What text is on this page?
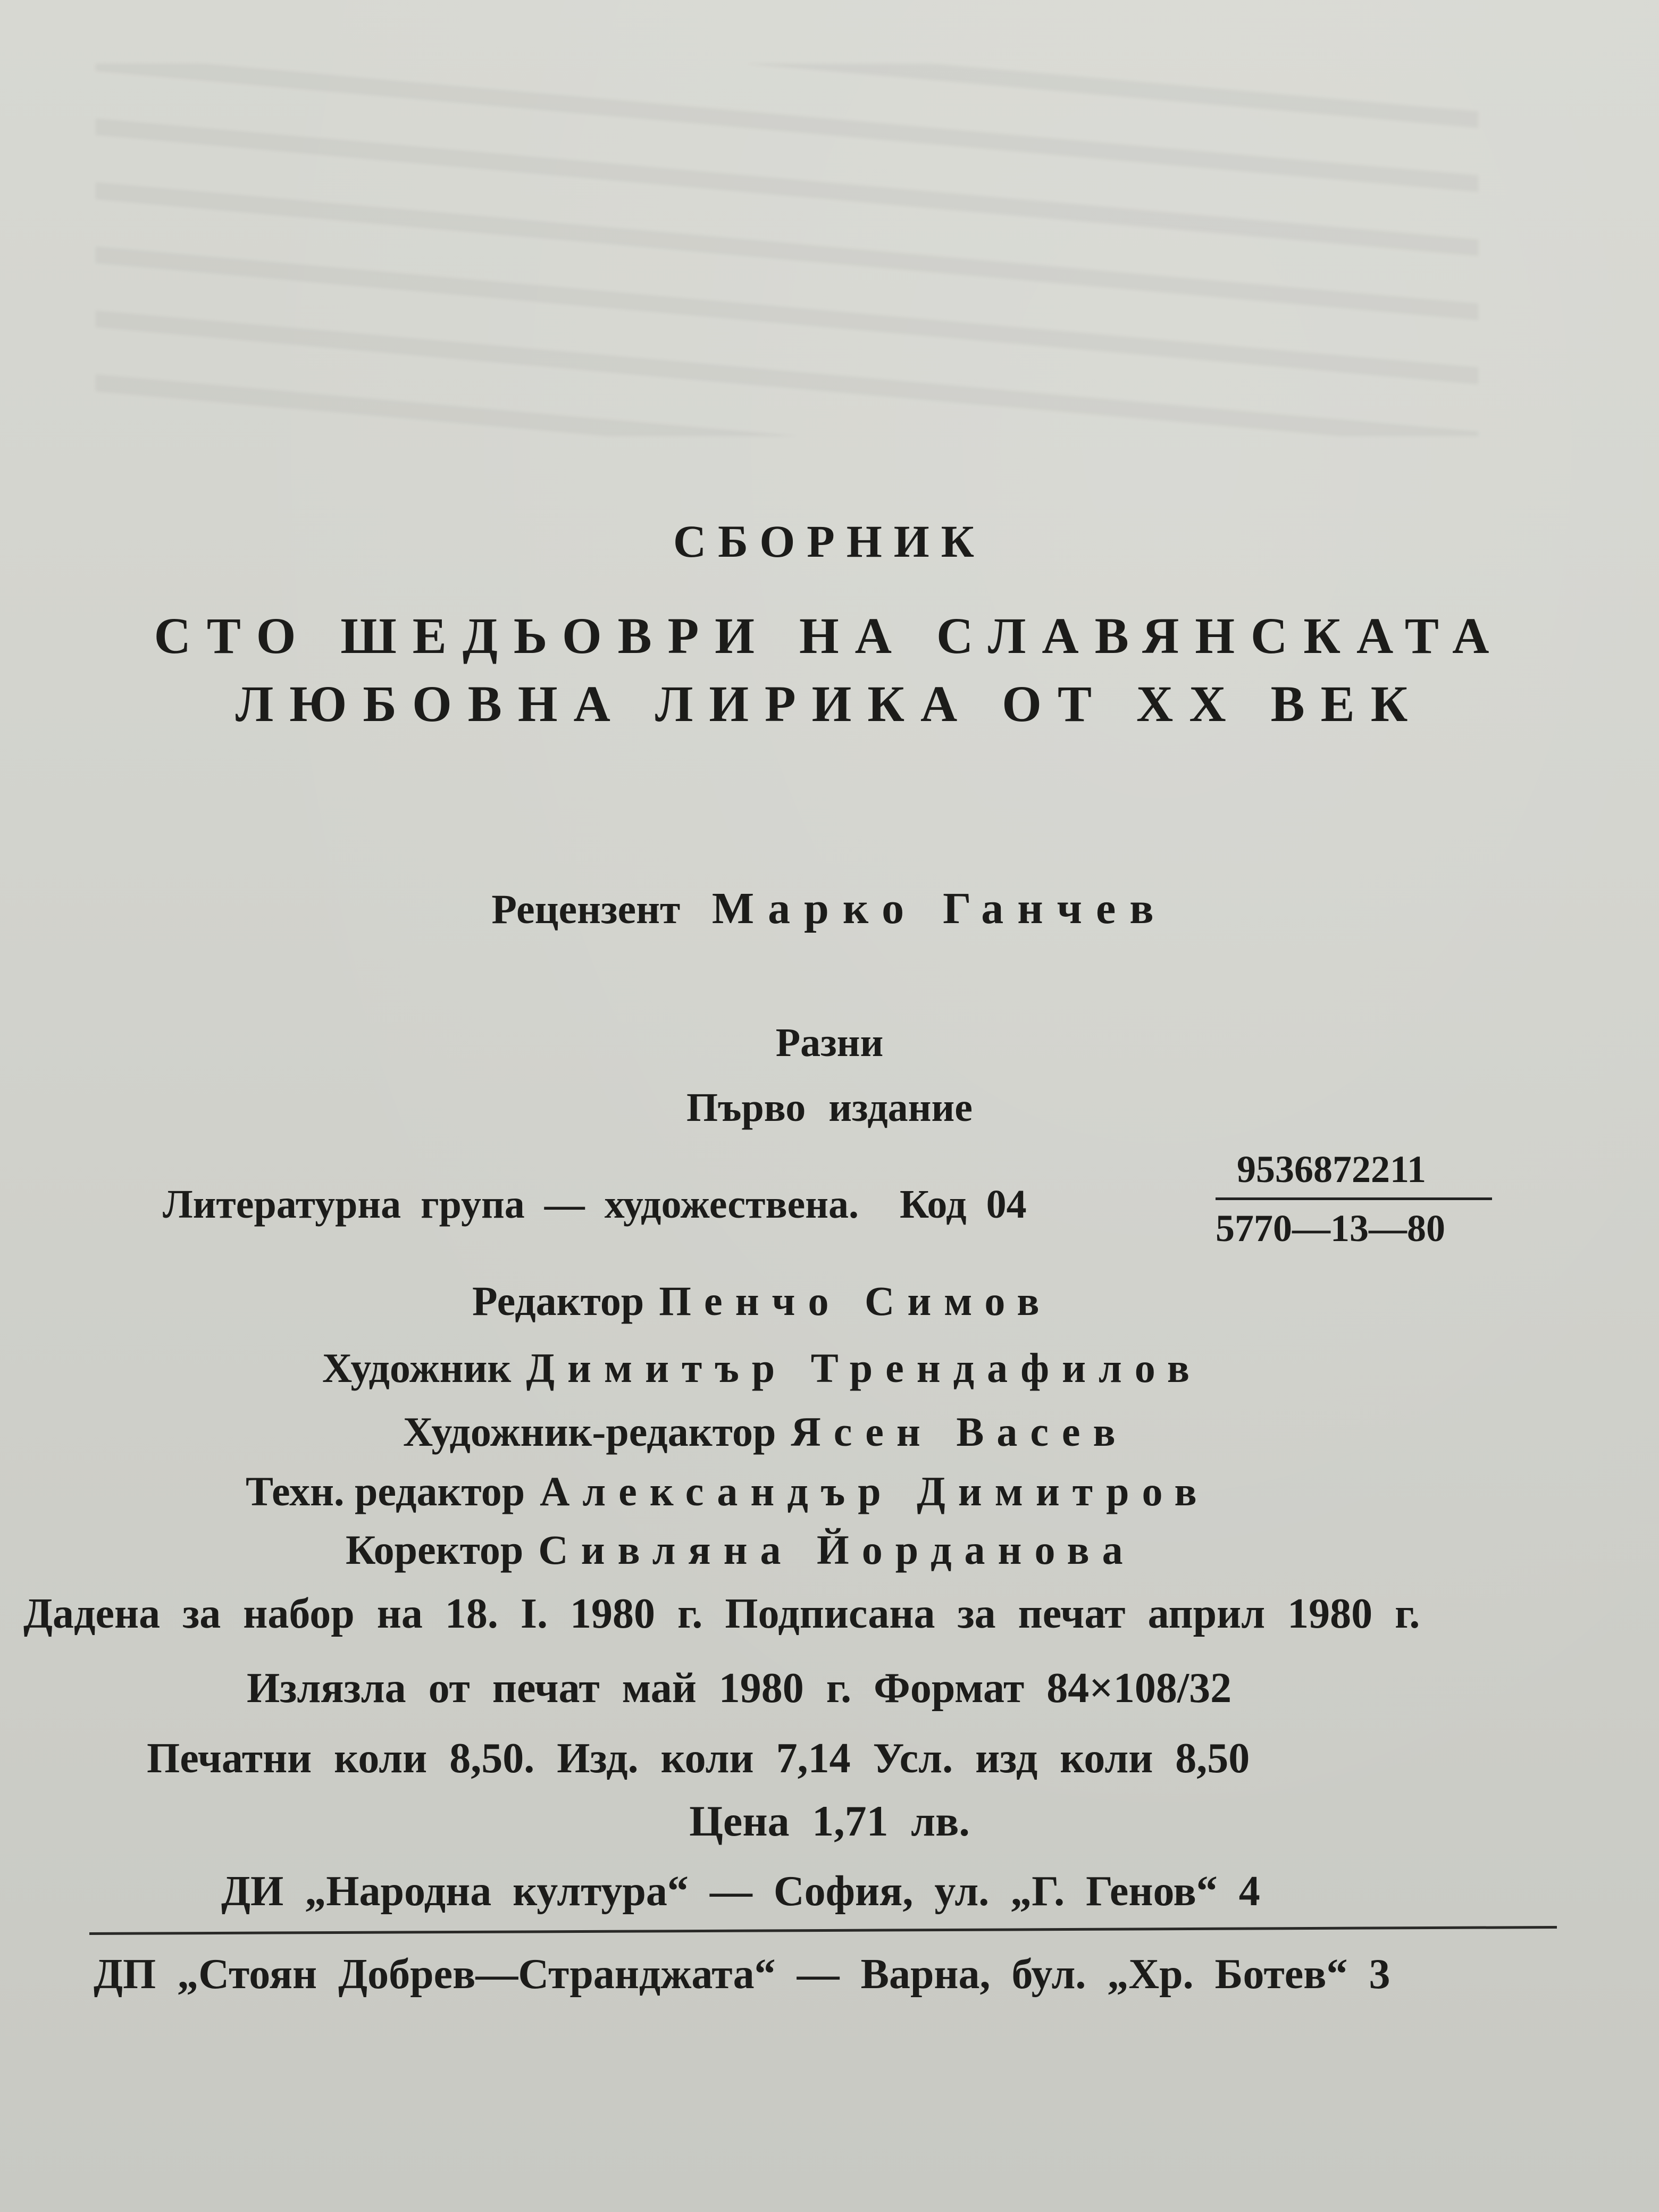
СБОРНИК
СТО ШЕДЬОВРИ НА СЛАВЯНСКАТА
ЛЮБОВНА ЛИРИКА ОТ XX ВЕК
Рецензент Марко Ганчев
Разни
Първо издание
Литературна група — художествена. Код 04
9536872211
5770—13—80
Редактор Пенчо Симов
Художник Димитър Трендафилов
Художник-редактор Ясен Васев
Техн. редактор Александър Димитров
Коректор Сивляна Йорданова
Дадена за набор на 18. I. 1980 г. Подписана за печат април 1980 г.
Излязла от печат май 1980 г. Формат 84×108/32
Печатни коли 8,50. Изд. коли 7,14 Усл. изд коли 8,50
Цена 1,71 лв.
ДИ „Народна култура“ — София, ул. „Г. Генов“ 4
ДП „Стоян Добрев—Странджата“ — Варна, бул. „Хр. Ботев“ 3
